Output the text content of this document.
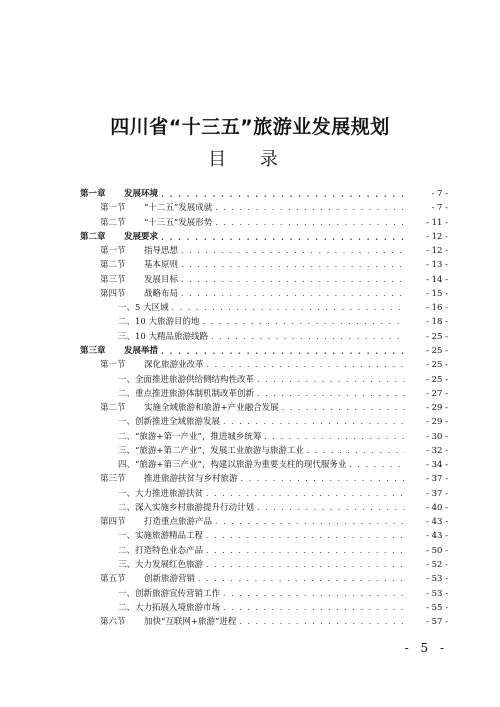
四川省“十三五”旅游业发展规划
目 录
第一章	发展环境 . . .	- 7 -
第一节	“十二五”发展成就 . . .	- 7 -
第二节	“十三五”发展形势 . . .	- 11 -
第二章	发展要求 . . .	- 12 -
第一节	指导思想 . . .	- 12 -
第二节	基本原则 . . .	- 13 -
第三节	发展目标 . . .	- 14 -
第四节	战略布局 . . .	- 15 -
一、 5 大区域 . . .	- 16 -
二、 10 大旅游目的地 . . .	- 18 -
三、 10 大精品旅游线路 . . .	- 25 -
第三章	发展举措 . . .	- 25 -
第一节	深化旅游业改革 . . .	- 25 -
一、 全面推进旅游供给侧结构性改革 . . .	- 25 -
二、 重点推进旅游体制机制改革创新 . . .	- 27 -
第二节	实施全域旅游和旅游+产业融合发展 . . .	- 29 -
一、 创新推进全域旅游发展 . . .	- 29 -
二、 “旅游+第一产业”，推进城乡统筹 . . .	- 30 -
三、 “旅游+第二产业”，发展工业旅游与旅游工业 . . .	- 32 -
四、 “旅游+第三产业”，构建以旅游为重要支柱的现代服务业 . . .	- 34 -
第三节	推进旅游扶贫与乡村旅游 . . .	- 37 -
一、 大力推进旅游扶贫 . . .	- 37 -
二、 深入实施乡村旅游提升行动计划 . . .	- 40 -
第四节	打造重点旅游产品 . . .	- 43 -
一、 实施旅游精品工程 . . .	- 43 -
二、 打造特色业态产品 . . .	- 50 -
三、 大力发展红色旅游 . . .	- 52 -
第五节	创新旅游营销 . . .	- 53 -
一、 创新旅游宣传营销工作 . . .	- 53 -
二、 大力拓展入境旅游市场 . . .	- 55 -
第六节	加快“互联网+旅游”进程 . . .	- 57 -
- 5 -
